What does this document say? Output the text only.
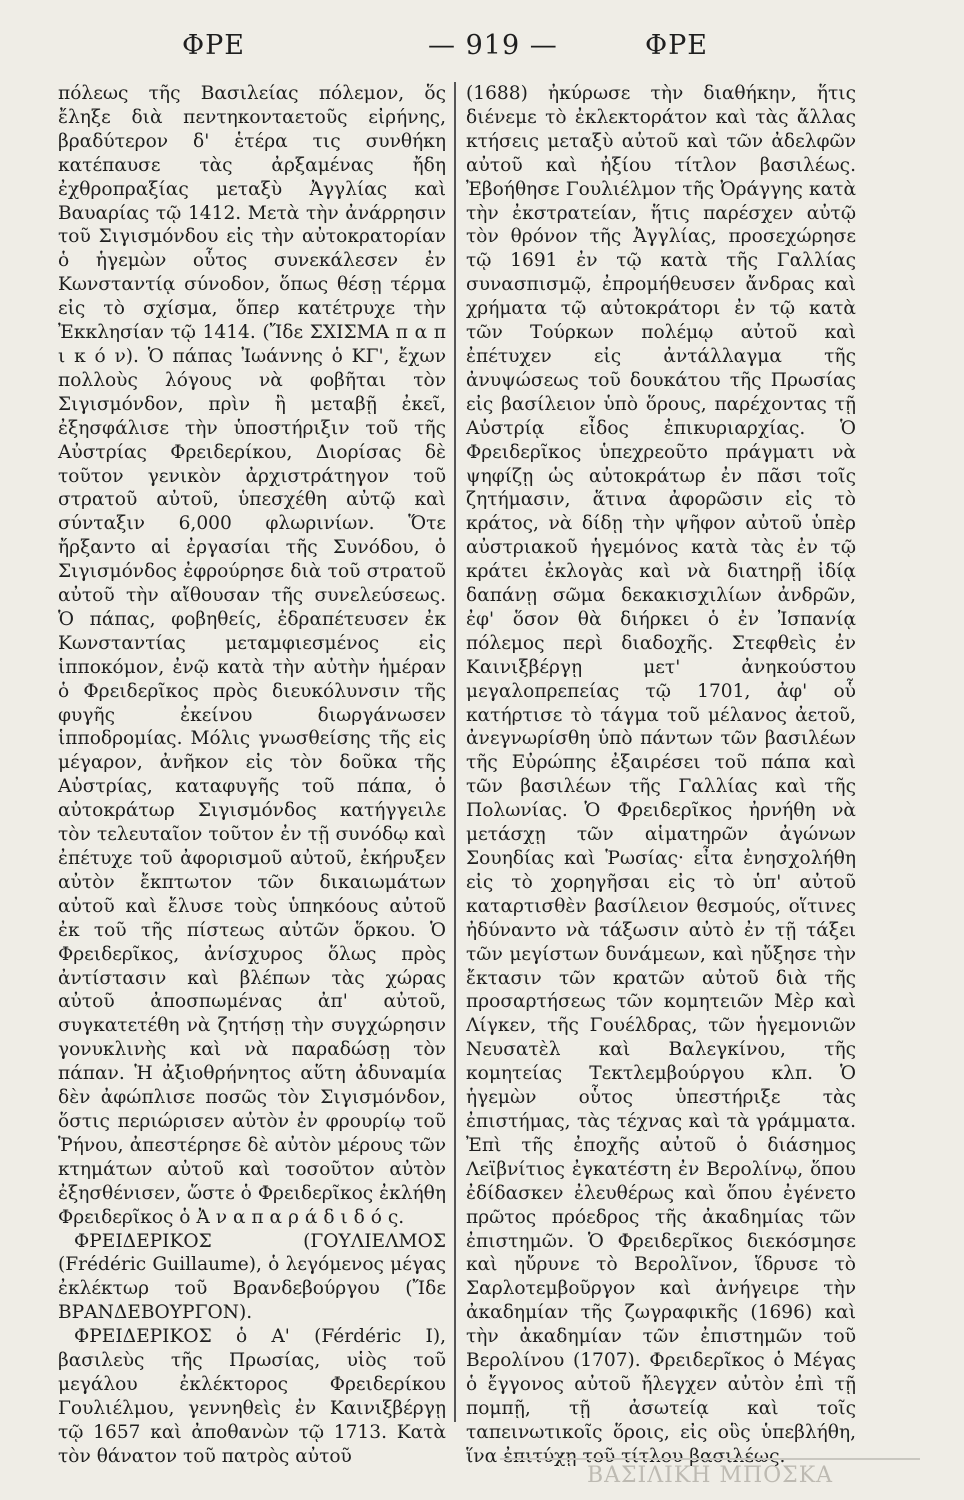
ΦΡΕ	— 919 —	ΦΡΕ

πόλεως τῆς Βασιλείας πόλεμον, ὅς ἔληξε διὰ πεντηκονταετοῦς εἰρήνης, βραδύτερον δ' ἑτέρα τις συνθήκη κατέπαυσε τὰς ἀρξαμένας ἤδη ἐχθροπραξίας μεταξὺ Ἀγγλίας καὶ Βαυαρίας τῷ 1412. Μετὰ τὴν ἀνάρρησιν τοῦ Σιγισμόνδου εἰς τὴν αὐτοκρατορίαν ὁ ἡγεμὼν οὗτος συνεκάλεσεν ἐν Κωνσταντίᾳ σύνοδον, ὅπως θέσῃ τέρμα εἰς τὸ σχίσμα, ὅπερ κατέτρυχε τὴν Ἐκκλησίαν τῷ 1414. (Ἴδε ΣΧΙΣΜΑ π α π ι κ ό ν). Ὁ πάπας Ἰωάννης ὁ ΚΓ', ἔχων πολλοὺς λόγους νὰ φοβῆται τὸν Σιγισμόνδον, πρὶν ἢ μεταβῇ ἐκεῖ, ἐξησφάλισε τὴν ὑποστήριξιν τοῦ τῆς Αὐστρίας Φρειδερίκου, Διορίσας δὲ τοῦτον γενικὸν ἀρχιστράτηγον τοῦ στρατοῦ αὐτοῦ, ὑπεσχέθη αὐτῷ καὶ σύνταξιν 6,000 φλωρινίων. Ὅτε ἤρξαντο αἱ ἐργασίαι τῆς Συνόδου, ὁ Σιγισμόνδος ἐφρούρησε διὰ τοῦ στρατοῦ αὐτοῦ τὴν αἴθουσαν τῆς συνελεύσεως. Ὁ πάπας, φοβηθείς, ἐδραπέτευσεν ἐκ Κωνσταντίας μεταμφιεσμένος εἰς ἱπποκόμον, ἐνῷ κατὰ τὴν αὐτὴν ἡμέραν ὁ Φρειδερῖκος πρὸς διευκόλυνσιν τῆς φυγῆς ἐκείνου διωργάνωσεν ἱπποδρομίας. Μόλις γνωσθείσης τῆς εἰς μέγαρον, ἀνῆκον εἰς τὸν δοῦκα τῆς Αὐστρίας, καταφυγῆς τοῦ πάπα, ὁ αὐτοκράτωρ Σιγισμόνδος κατήγγειλε τὸν τελευταῖον τοῦτον ἐν τῇ συνόδῳ καὶ ἐπέτυχε τοῦ ἀφορισμοῦ αὐτοῦ, ἐκήρυξεν αὐτὸν ἔκπτωτον τῶν δικαιωμάτων αὐτοῦ καὶ ἔλυσε τοὺς ὑπηκόους αὐτοῦ ἐκ τοῦ τῆς πίστεως αὐτῶν ὅρκου. Ὁ Φρειδερῖκος, ἀνίσχυρος ὅλως πρὸς ἀντίστασιν καὶ βλέπων τὰς χώρας αὐτοῦ ἀποσπωμένας ἀπ' αὐτοῦ, συγκατετέθη νὰ ζητήσῃ τὴν συγχώρησιν γονυκλινὴς καὶ νὰ παραδώσῃ τὸν πάπαν. Ἡ ἀξιοθρήνητος αὕτη ἀδυναμία δὲν ἀφώπλισε ποσῶς τὸν Σιγισμόνδον, ὅστις περιώρισεν αὐτὸν ἐν φρουρίῳ τοῦ Ῥήνου, ἀπεστέρησε δὲ αὐτὸν μέρους τῶν κτημάτων αὐτοῦ καὶ τοσοῦτον αὐτὸν ἐξησθένισεν, ὥστε ὁ Φρειδερῖκος ἐκλήθη Φρειδερῖκος ὁ Ἀ ν α π α ρ ά δ ι δ ό ς.

ΦΡΕΙΔΕΡΙΚΟΣ (ΓΟΥΛΙΕΛΜΟΣ (Frédéric Guillaume), ὁ λεγόμενος μέγας ἐκλέκτωρ τοῦ Βρανδεβούργου (Ἴδε ΒΡΑΝΔΕΒΟΥΡΓΟΝ).

ΦΡΕΙΔΕΡΙΚΟΣ ὁ Α' (Férdéric I), βασιλεὺς τῆς Πρωσίας, υἱὸς τοῦ μεγάλου ἐκλέκτορος Φρειδερίκου Γουλιέλμου, γεννηθεὶς ἐν Καινιξβέργῃ τῷ 1657 καὶ ἀποθανὼν τῷ 1713. Κατὰ τὸν θάνατον τοῦ πατρὸς αὐτοῦ

(1688) ἠκύρωσε τὴν διαθήκην, ἥτις διένεμε τὸ ἐκλεκτοράτον καὶ τὰς ἄλλας κτήσεις μεταξὺ αὐτοῦ καὶ τῶν ἀδελφῶν αὐτοῦ καὶ ἠξίου τίτλον βασιλέως. Ἐβοήθησε Γουλιέλμον τῆς Ὀράγγης κατὰ τὴν ἐκστρατείαν, ἥτις παρέσχεν αὐτῷ τὸν θρόνον τῆς Ἀγγλίας, προσεχώρησε τῷ 1691 ἐν τῷ κατὰ τῆς Γαλλίας συνασπισμῷ, ἐπρομήθευσεν ἄνδρας καὶ χρήματα τῷ αὐτοκράτορι ἐν τῷ κατὰ τῶν Τούρκων πολέμῳ αὐτοῦ καὶ ἐπέτυχεν εἰς ἀντάλλαγμα τῆς ἀνυψώσεως τοῦ δουκάτου τῆς Πρωσίας εἰς βασίλειον ὑπὸ ὅρους, παρέχοντας τῇ Αὐστρίᾳ εἶδος ἐπικυριαρχίας. Ὁ Φρειδερῖκος ὑπεχρεοῦτο πράγματι νὰ ψηφίζῃ ὡς αὐτοκράτωρ ἐν πᾶσι τοῖς ζητήμασιν, ἅτινα ἀφορῶσιν εἰς τὸ κράτος, νὰ δίδῃ τὴν ψῆφον αὐτοῦ ὑπὲρ αὐστριακοῦ ἡγεμόνος κατὰ τὰς ἐν τῷ κράτει ἐκλογὰς καὶ νὰ διατηρῇ ἰδίᾳ δαπάνῃ σῶμα δεκακισχιλίων ἀνδρῶν, ἐφ' ὅσον θὰ διήρκει ὁ ἐν Ἰσπανίᾳ πόλεμος περὶ διαδοχῆς. Στεφθεὶς ἐν Καινιξβέργῃ μετ' ἀνηκούστου μεγαλοπρεπείας τῷ 1701, ἀφ' οὗ κατήρτισε τὸ τάγμα τοῦ μέλανος ἀετοῦ, ἀνεγνωρίσθη ὑπὸ πάντων τῶν βασιλέων τῆς Εὐρώπης ἐξαιρέσει τοῦ πάπα καὶ τῶν βασιλέων τῆς Γαλλίας καὶ τῆς Πολωνίας. Ὁ Φρειδερῖκος ἠρνήθη νὰ μετάσχῃ τῶν αἱματηρῶν ἀγώνων Σουηδίας καὶ Ῥωσίας· εἶτα ἐνησχολήθη εἰς τὸ χορηγῆσαι εἰς τὸ ὑπ' αὐτοῦ καταρτισθὲν βασίλειον θεσμούς, οἵτινες ἠδύναντο νὰ τάξωσιν αὐτὸ ἐν τῇ τάξει τῶν μεγίστων δυνάμεων, καὶ ηὔξησε τὴν ἔκτασιν τῶν κρατῶν αὐτοῦ διὰ τῆς προσαρτήσεως τῶν κομητειῶν Μὲρ καὶ Λίγκεν, τῆς Γουέλδρας, τῶν ἡγεμονιῶν Νευσατὲλ καὶ Βαλεγκίνου, τῆς κομητείας Τεκτλεμβούργου κλπ. Ὁ ἡγεμὼν οὗτος ὑπεστήριξε τὰς ἐπιστήμας, τὰς τέχνας καὶ τὰ γράμματα. Ἐπὶ τῆς ἐποχῆς αὐτοῦ ὁ διάσημος Λεϊβνίτιος ἐγκατέστη ἐν Βερολίνῳ, ὅπου ἐδίδασκεν ἐλευθέρως καὶ ὅπου ἐγένετο πρῶτος πρόεδρος τῆς ἀκαδημίας τῶν ἐπιστημῶν. Ὁ Φρειδερῖκος διεκόσμησε καὶ ηὔρυνε τὸ Βερολῖνον, ἵδρυσε τὸ Σαρλοτεμβοῦργον καὶ ἀνήγειρε τὴν ἀκαδημίαν τῆς ζωγραφικῆς (1696) καὶ τὴν ἀκαδημίαν τῶν ἐπιστημῶν τοῦ Βερολίνου (1707). Φρειδερῖκος ὁ Μέγας ὁ ἔγγονος αὐτοῦ ἤλεγχεν αὐτὸν ἐπὶ τῇ πομπῇ, τῇ ἀσωτείᾳ καὶ τοῖς ταπεινωτικοῖς ὅροις, εἰς οὓς ὑπεβλήθη, ἵνα ἐπιτύχῃ τοῦ τίτλου βασιλέως.

ΒΑΣΙΛΙΚΗ ΜΠΟΣΚΑ
